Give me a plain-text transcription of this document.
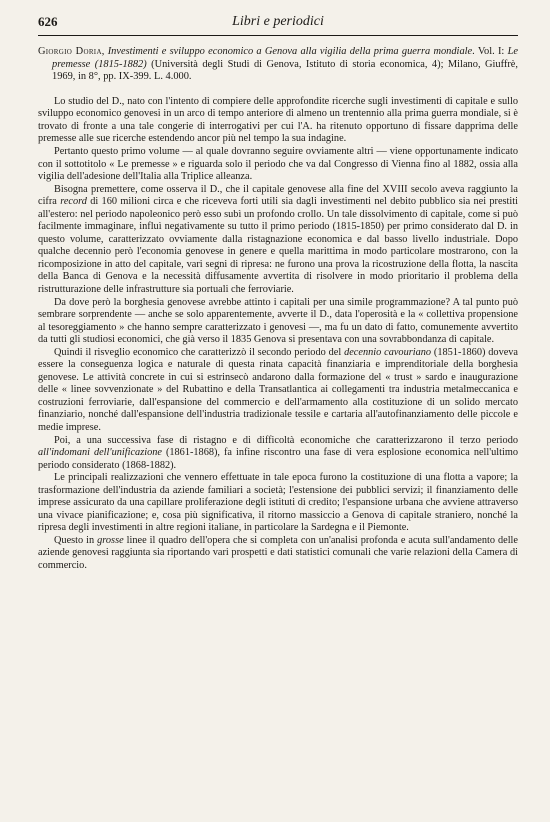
626	Libri e periodici

Giorgio Doria, Investimenti e sviluppo economico a Genova alla vigilia della prima guerra mondiale. Vol. I: Le premesse (1815-1882) (Università degli Studi di Genova, Istituto di storia economica, 4); Milano, Giuffrè, 1969, in 8°, pp. IX-399. L. 4.000.

Lo studio del D., nato con l'intento di compiere delle approfondite ricerche sugli investimenti di capitale e sullo sviluppo economico genovesi in un arco di tempo anteriore di almeno un trentennio alla prima guerra mondiale, si è trovato di fronte a una tale congerie di interrogativi per cui l'A. ha ritenuto opportuno di fissare dapprima delle premesse alle sue ricerche estendendo ancor più nel tempo la sua indagine.

Pertanto questo primo volume — al quale dovranno seguire ovviamente altri — viene opportunamente indicato con il sottotitolo « Le premesse » e riguarda solo il periodo che va dal Congresso di Vienna fino al 1882, ossia alla vigilia dell'adesione dell'Italia alla Triplice alleanza.

Bisogna premettere, come osserva il D., che il capitale genovese alla fine del XVIII secolo aveva raggiunto la cifra record di 160 milioni circa e che riceveva forti utili sia dagli investimenti nel debito pubblico sia nei prestiti all'estero: nel periodo napoleonico però esso subì un profondo crollo. Un tale dissolvimento di capitale, come si può facilmente immaginare, influì negativamente su tutto il primo periodo (1815-1850) per primo considerato dal D. in questo volume, caratterizzato ovviamente dalla ristagnazione economica e dal basso livello industriale. Dopo qualche decennio però l'economia genovese in genere e quella marittima in modo particolare mostrarono, con la ricomposizione in atto del capitale, vari segni di ripresa: ne furono una prova la ricostruzione della flotta, la nascita della Banca di Genova e la necessità diffusamente avvertita di risolvere in modo prioritario il problema della ristrutturazione delle infrastrutture sia portuali che ferroviarie.

Da dove però la borghesia genovese avrebbe attinto i capitali per una simile programmazione? A tal punto può sembrare sorprendente — anche se solo apparentemente, avverte il D., data l'operosità e la « collettiva propensione al tesoreggiamento » che hanno sempre caratterizzato i genovesi —, ma fu un dato di fatto, comunemente avvertito da tutti gli studiosi economici, che già verso il 1835 Genova si presentava con una sovrabbondanza di capitale.

Quindi il risveglio economico che caratterizzò il secondo periodo del decennio cavouriano (1851-1860) doveva essere la conseguenza logica e naturale di questa rinata capacità finanziaria e imprenditoriale della borghesia genovese. Le attività concrete in cui si estrinsecò andarono dalla formazione del « trust » sardo e inaugurazione delle « linee sovvenzionate » del Rubattino e della Transatlantica ai collegamenti tra industria metalmeccanica e costruzioni ferroviarie, dall'espansione del commercio e dell'armamento alla costituzione di un solido mercato finanziario, nonché dall'espansione dell'industria tradizionale tessile e cartaria all'autofinanziamento delle piccole e medie imprese.

Poi, a una successiva fase di ristagno e di difficoltà economiche che caratterizzarono il terzo periodo all'indomani dell'unificazione (1861-1868), fa infine riscontro una fase di vera esplosione economica nell'ultimo periodo considerato (1868-1882).

Le principali realizzazioni che vennero effettuate in tale epoca furono la costituzione di una flotta a vapore; la trasformazione dell'industria da aziende familiari a società; l'estensione dei pubblici servizi; il finanziamento delle imprese assicurato da una capillare proliferazione degli istituti di credito; l'espansione urbana che avviene attraverso una vivace pianificazione; e, cosa più significativa, il ritorno massiccio a Genova di capitale straniero, nonché la ripresa degli investimenti in altre regioni italiane, in particolare la Sardegna e il Piemonte.

Questo in grosse linee il quadro dell'opera che si completa con un'analisi profonda e acuta sull'andamento delle aziende genovesi raggiunta sia riportando vari prospetti e dati statistici comunali che varie relazioni della Camera di commercio.
